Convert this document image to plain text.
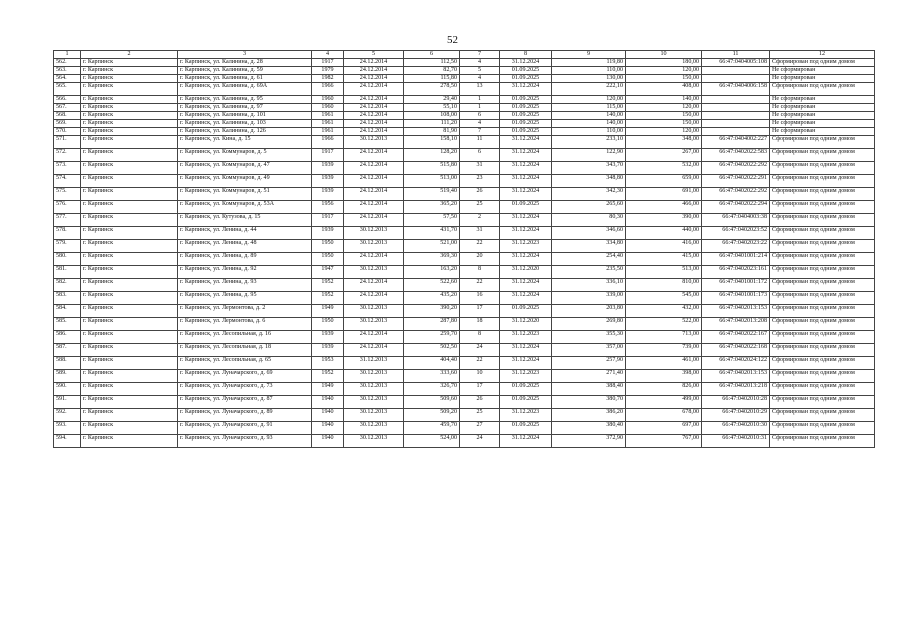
52
1	2	3	4	5	6	7	8	9	10	11	12
562.	г. Карпинск	г. Карпинск, ул. Калинина, д. 28	1917	24.12.2014	112,50	4	31.12.2024	119,80	180,00	66:47:0404005:108	Сформирован под одним домом
563.	г. Карпинск	г. Карпинск, ул. Калинина, д. 59	1979	24.12.2014	82,70	5	01.09.2025	110,00	120,00		Не сформирован
564.	г. Карпинск	г. Карпинск, ул. Калинина, д. 61	1982	24.12.2014	115,80	4	01.09.2025	130,00	150,00		Не сформирован
565.	г. Карпинск	г. Карпинск, ул. Калинина, д. 69А	1966	24.12.2014	278,50	13	31.12.2024	222,10	408,00	66:47:0404006:158	Сформирован под одним домом
566.	г. Карпинск	г. Карпинск, ул. Калинина, д. 95	1960	24.12.2014	29,40	1	01.09.2025	120,00	140,00		Не сформирован
567.	г. Карпинск	г. Карпинск, ул. Калинина, д. 97	1960	24.12.2014	55,10	1	01.09.2025	115,00	120,00		Не сформирован
568.	г. Карпинск	г. Карпинск, ул. Калинина, д. 101	1961	24.12.2014	108,00	6	01.09.2025	140,00	150,00		Не сформирован
569.	г. Карпинск	г. Карпинск, ул. Калинина, д. 103	1961	24.12.2014	111,20	4	01.09.2025	140,00	150,00		Не сформирован
570.	г. Карпинск	г. Карпинск, ул. Калинина, д. 126	1961	24.12.2014	81,90	7	01.09.2025	110,00	120,00		Не сформирован
571.	г. Карпинск	г. Карпинск, ул. Кина, д. 15	1966	30.12.2013	158,10	11	31.12.2024	233,10	348,00	66:47:0404002:227	Сформирован под одним домом
572.	г. Карпинск	г. Карпинск, ул. Коммунаров, д. 5	1917	24.12.2014	128,20	6	31.12.2024	122,90	267,00	66:47:0402022:583	Сформирован под одним домом
573.	г. Карпинск	г. Карпинск, ул. Коммунаров, д. 47	1939	24.12.2014	515,80	31	31.12.2024	343,70	532,00	66:47:0402022:292	Сформирован под одним домом
574.	г. Карпинск	г. Карпинск, ул. Коммунаров, д. 49	1939	24.12.2014	513,00	23	31.12.2024	348,80	659,00	66:47:0402022:291	Сформирован под одним домом
575.	г. Карпинск	г. Карпинск, ул. Коммунаров, д. 51	1939	24.12.2014	519,40	26	31.12.2024	342,30	691,00	66:47:0402022:292	Сформирован под одним домом
576.	г. Карпинск	г. Карпинск, ул. Коммунаров, д. 53А	1956	24.12.2014	365,20	25	01.09.2025	265,60	466,00	66:47:0402022:294	Сформирован под одним домом
577.	г. Карпинск	г. Карпинск, ул. Кутузова, д. 15	1917	24.12.2014	57,50	2	31.12.2024	80,30	390,00	66:47:0404003:38	Сформирован под одним домом
578.	г. Карпинск	г. Карпинск, ул. Ленина, д. 44	1939	30.12.2013	431,70	31	31.12.2024	346,60	440,00	66:47:0402023:52	Сформирован под одним домом
579.	г. Карпинск	г. Карпинск, ул. Ленина, д. 48	1950	30.12.2013	521,00	22	31.12.2023	334,80	416,00	66:47:0402023:22	Сформирован под одним домом
580.	г. Карпинск	г. Карпинск, ул. Ленина, д. 89	1950	24.12.2014	369,30	20	31.12.2024	254,40	415,00	66:47:0401001:214	Сформирован под одним домом
581.	г. Карпинск	г. Карпинск, ул. Ленина, д. 92	1947	30.12.2013	163,20	8	31.12.2020	235,50	513,00	66:47:0402023:161	Сформирован под одним домом
582.	г. Карпинск	г. Карпинск, ул. Ленина, д. 93	1952	24.12.2014	522,60	22	31.12.2024	336,10	810,00	66:47:0401001:172	Сформирован под одним домом
583.	г. Карпинск	г. Карпинск, ул. Ленина, д. 95	1952	24.12.2014	435,20	16	31.12.2024	339,00	545,00	66:47:0401001:173	Сформирован под одним домом
584.	г. Карпинск	г. Карпинск, ул. Лермонтова, д. 2	1949	30.12.2013	390,20	17	01.09.2025	203,80	432,00	66:47:0402013:153	Сформирован под одним домом
585.	г. Карпинск	г. Карпинск, ул. Лермонтова, д. 6	1950	30.12.2013	287,80	18	31.12.2020	269,80	522,00	66:47:0402013:208	Сформирован под одним домом
586.	г. Карпинск	г. Карпинск, ул. Лесопильная, д. 16	1939	24.12.2014	259,70	8	31.12.2023	355,30	713,00	66:47:0402022:167	Сформирован под одним домом
587.	г. Карпинск	г. Карпинск, ул. Лесопильная, д. 18	1939	24.12.2014	502,50	24	31.12.2024	357,00	739,00	66:47:0402022:168	Сформирован под одним домом
588.	г. Карпинск	г. Карпинск, ул. Лесопильная, д. 65	1953	31.12.2013	404,40	22	31.12.2024	257,90	461,00	66:47:0402024:122	Сформирован под одним домом
589.	г. Карпинск	г. Карпинск, ул. Луначарского, д. 69	1952	30.12.2013	333,60	10	31.12.2023	271,40	398,00	66:47:0402013:153	Сформирован под одним домом
590.	г. Карпинск	г. Карпинск, ул. Луначарского, д. 73	1949	30.12.2013	326,70	17	01.09.2025	388,40	826,00	66:47:0402013:218	Сформирован под одним домом
591.	г. Карпинск	г. Карпинск, ул. Луначарского, д. 87	1940	30.12.2013	509,60	26	01.09.2025	380,70	499,00	66:47:0402010:28	Сформирован под одним домом
592.	г. Карпинск	г. Карпинск, ул. Луначарского, д. 89	1940	30.12.2013	509,20	25	31.12.2023	386,20	678,00	66:47:0402010:29	Сформирован под одним домом
593.	г. Карпинск	г. Карпинск, ул. Луначарского, д. 91	1940	30.12.2013	459,70	27	01.09.2025	380,40	697,00	66:47:0402010:30	Сформирован под одним домом
594.	г. Карпинск	г. Карпинск, ул. Луначарского, д. 93	1940	30.12.2013	524,00	24	31.12.2024	372,90	767,00	66:47:0402010:31	Сформирован под одним домом
